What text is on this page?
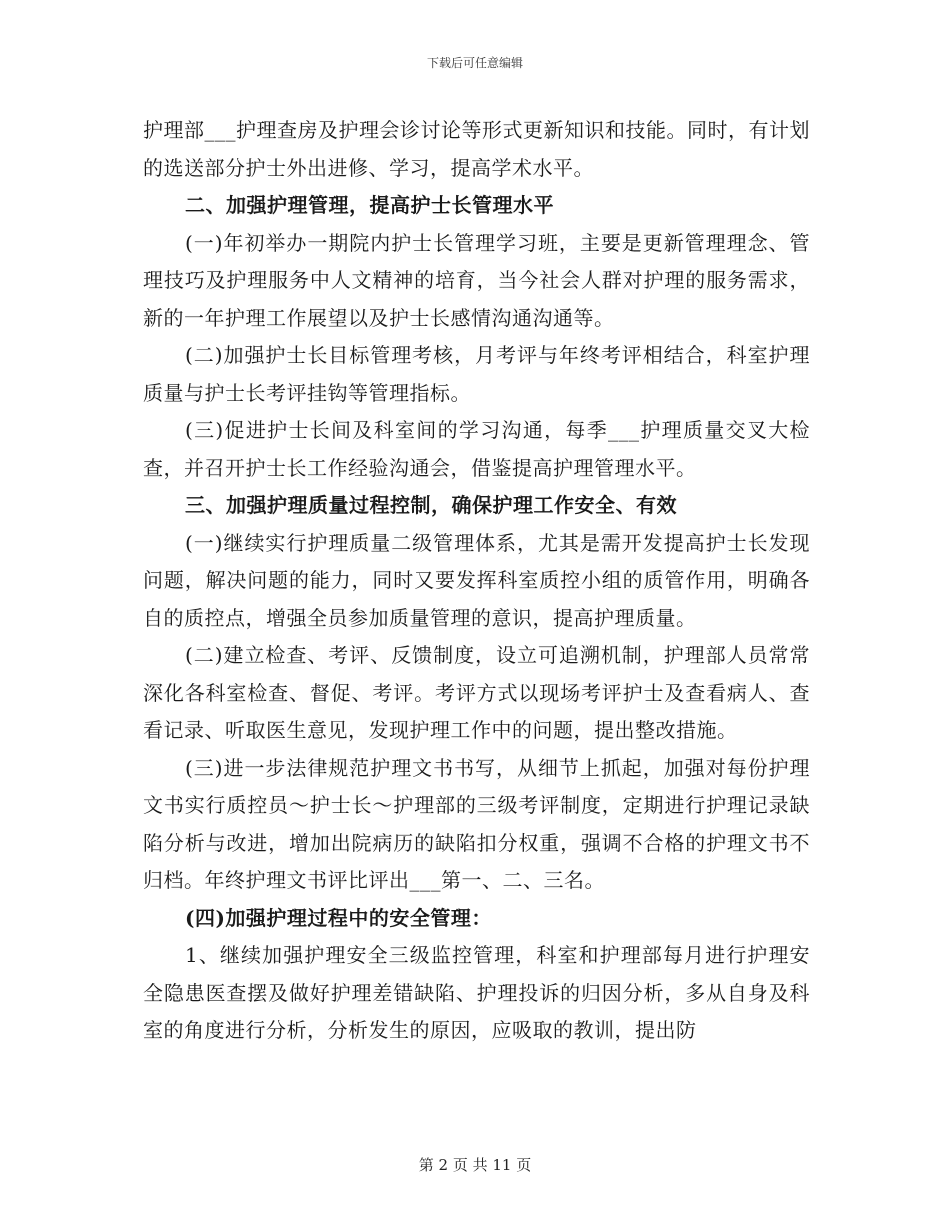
下载后可任意编辑

护理部___护理查房及护理会诊讨论等形式更新知识和技能。同时，有计划的选送部分护士外出进修、学习，提高学术水平。

二、加强护理管理，提高护士长管理水平

(一)年初举办一期院内护士长管理学习班，主要是更新管理理念、管理技巧及护理服务中人文精神的培育，当今社会人群对护理的服务需求，新的一年护理工作展望以及护士长感情沟通沟通等。

(二)加强护士长目标管理考核，月考评与年终考评相结合，科室护理质量与护士长考评挂钩等管理指标。

(三)促进护士长间及科室间的学习沟通，每季___护理质量交叉大检查，并召开护士长工作经验沟通会，借鉴提高护理管理水平。

三、加强护理质量过程控制，确保护理工作安全、有效

(一)继续实行护理质量二级管理体系，尤其是需开发提高护士长发现问题，解决问题的能力，同时又要发挥科室质控小组的质管作用，明确各自的质控点，增强全员参加质量管理的意识，提高护理质量。

(二)建立检查、考评、反馈制度，设立可追溯机制，护理部人员常常深化各科室检查、督促、考评。考评方式以现场考评护士及查看病人、查看记录、听取医生意见，发现护理工作中的问题，提出整改措施。

(三)进一步法律规范护理文书书写，从细节上抓起，加强对每份护理文书实行质控员～护士长～护理部的三级考评制度，定期进行护理记录缺陷分析与改进，增加出院病历的缺陷扣分权重，强调不合格的护理文书不归档。年终护理文书评比评出___第一、二、三名。

(四)加强护理过程中的安全管理：

1、继续加强护理安全三级监控管理，科室和护理部每月进行护理安全隐患医查摆及做好护理差错缺陷、护理投诉的归因分析，多从自身及科室的角度进行分析，分析发生的原因，应吸取的教训，提出防

第 2 页 共 11 页
